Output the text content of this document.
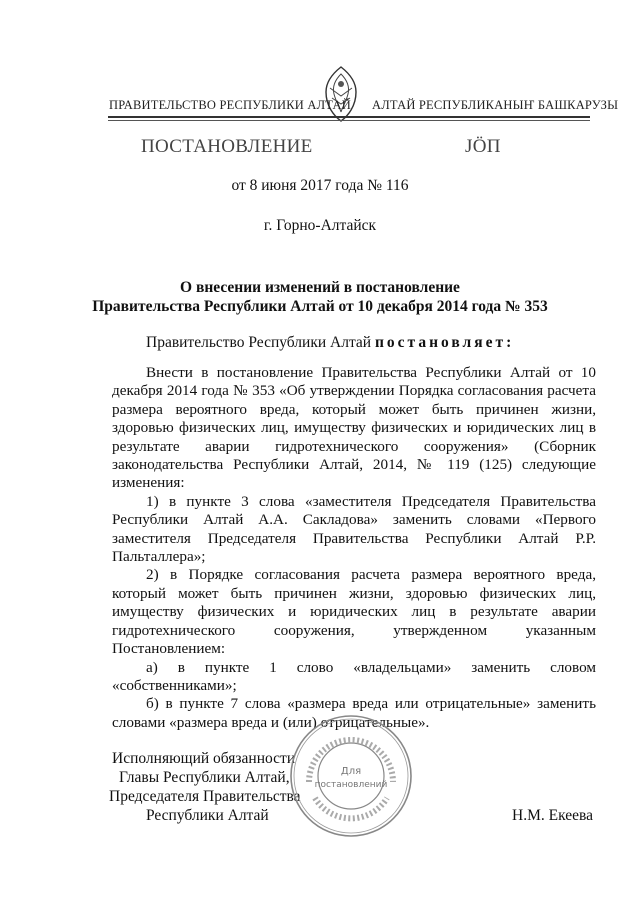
ПРАВИТЕЛЬСТВО РЕСПУБЛИКИ АЛТАЙ АЛТАЙ РЕСПУБЛИКАНЫҤ БАШКАРУЗЫ
ПОСТАНОВЛЕНИЕ	ЈӦП
от 8 июня 2017 года № 116
г. Горно-Алтайск
О внесении изменений в постановление
Правительства Республики Алтай от 10 декабря 2014 года № 353
Правительство Республики Алтай постановляет:

Внести в постановление Правительства Республики Алтай от 10 декабря 2014 года № 353 «Об утверждении Порядка согласования расчета размера вероятного вреда, который может быть причинен жизни, здоровью физических лиц, имуществу физических и юридических лиц в результате аварии гидротехнического сооружения» (Сборник законодательства Республики Алтай, 2014, № 119 (125) следующие изменения:

1) в пункте 3 слова «заместителя Председателя Правительства Республики Алтай А.А. Сакладова» заменить словами «Первого заместителя Председателя Правительства Республики Алтай Р.Р. Пальталлера»;

2) в Порядке согласования расчета размера вероятного вреда, который может быть причинен жизни, здоровью физических лиц, имуществу физических и юридических лиц в результате аварии гидротехнического сооружения, утвержденном указанным Постановлением:

а) в пункте 1 слово «владельцами» заменить словом «собственниками»;

б) в пункте 7 слова «размера вреда или отрицательные» заменить словами «размера вреда и (или) отрицательные».

Исполняющий обязанности
Главы Республики Алтай,
Председателя Правительства
Республики Алтай	Н.М. Екеева
Для
постановлений
